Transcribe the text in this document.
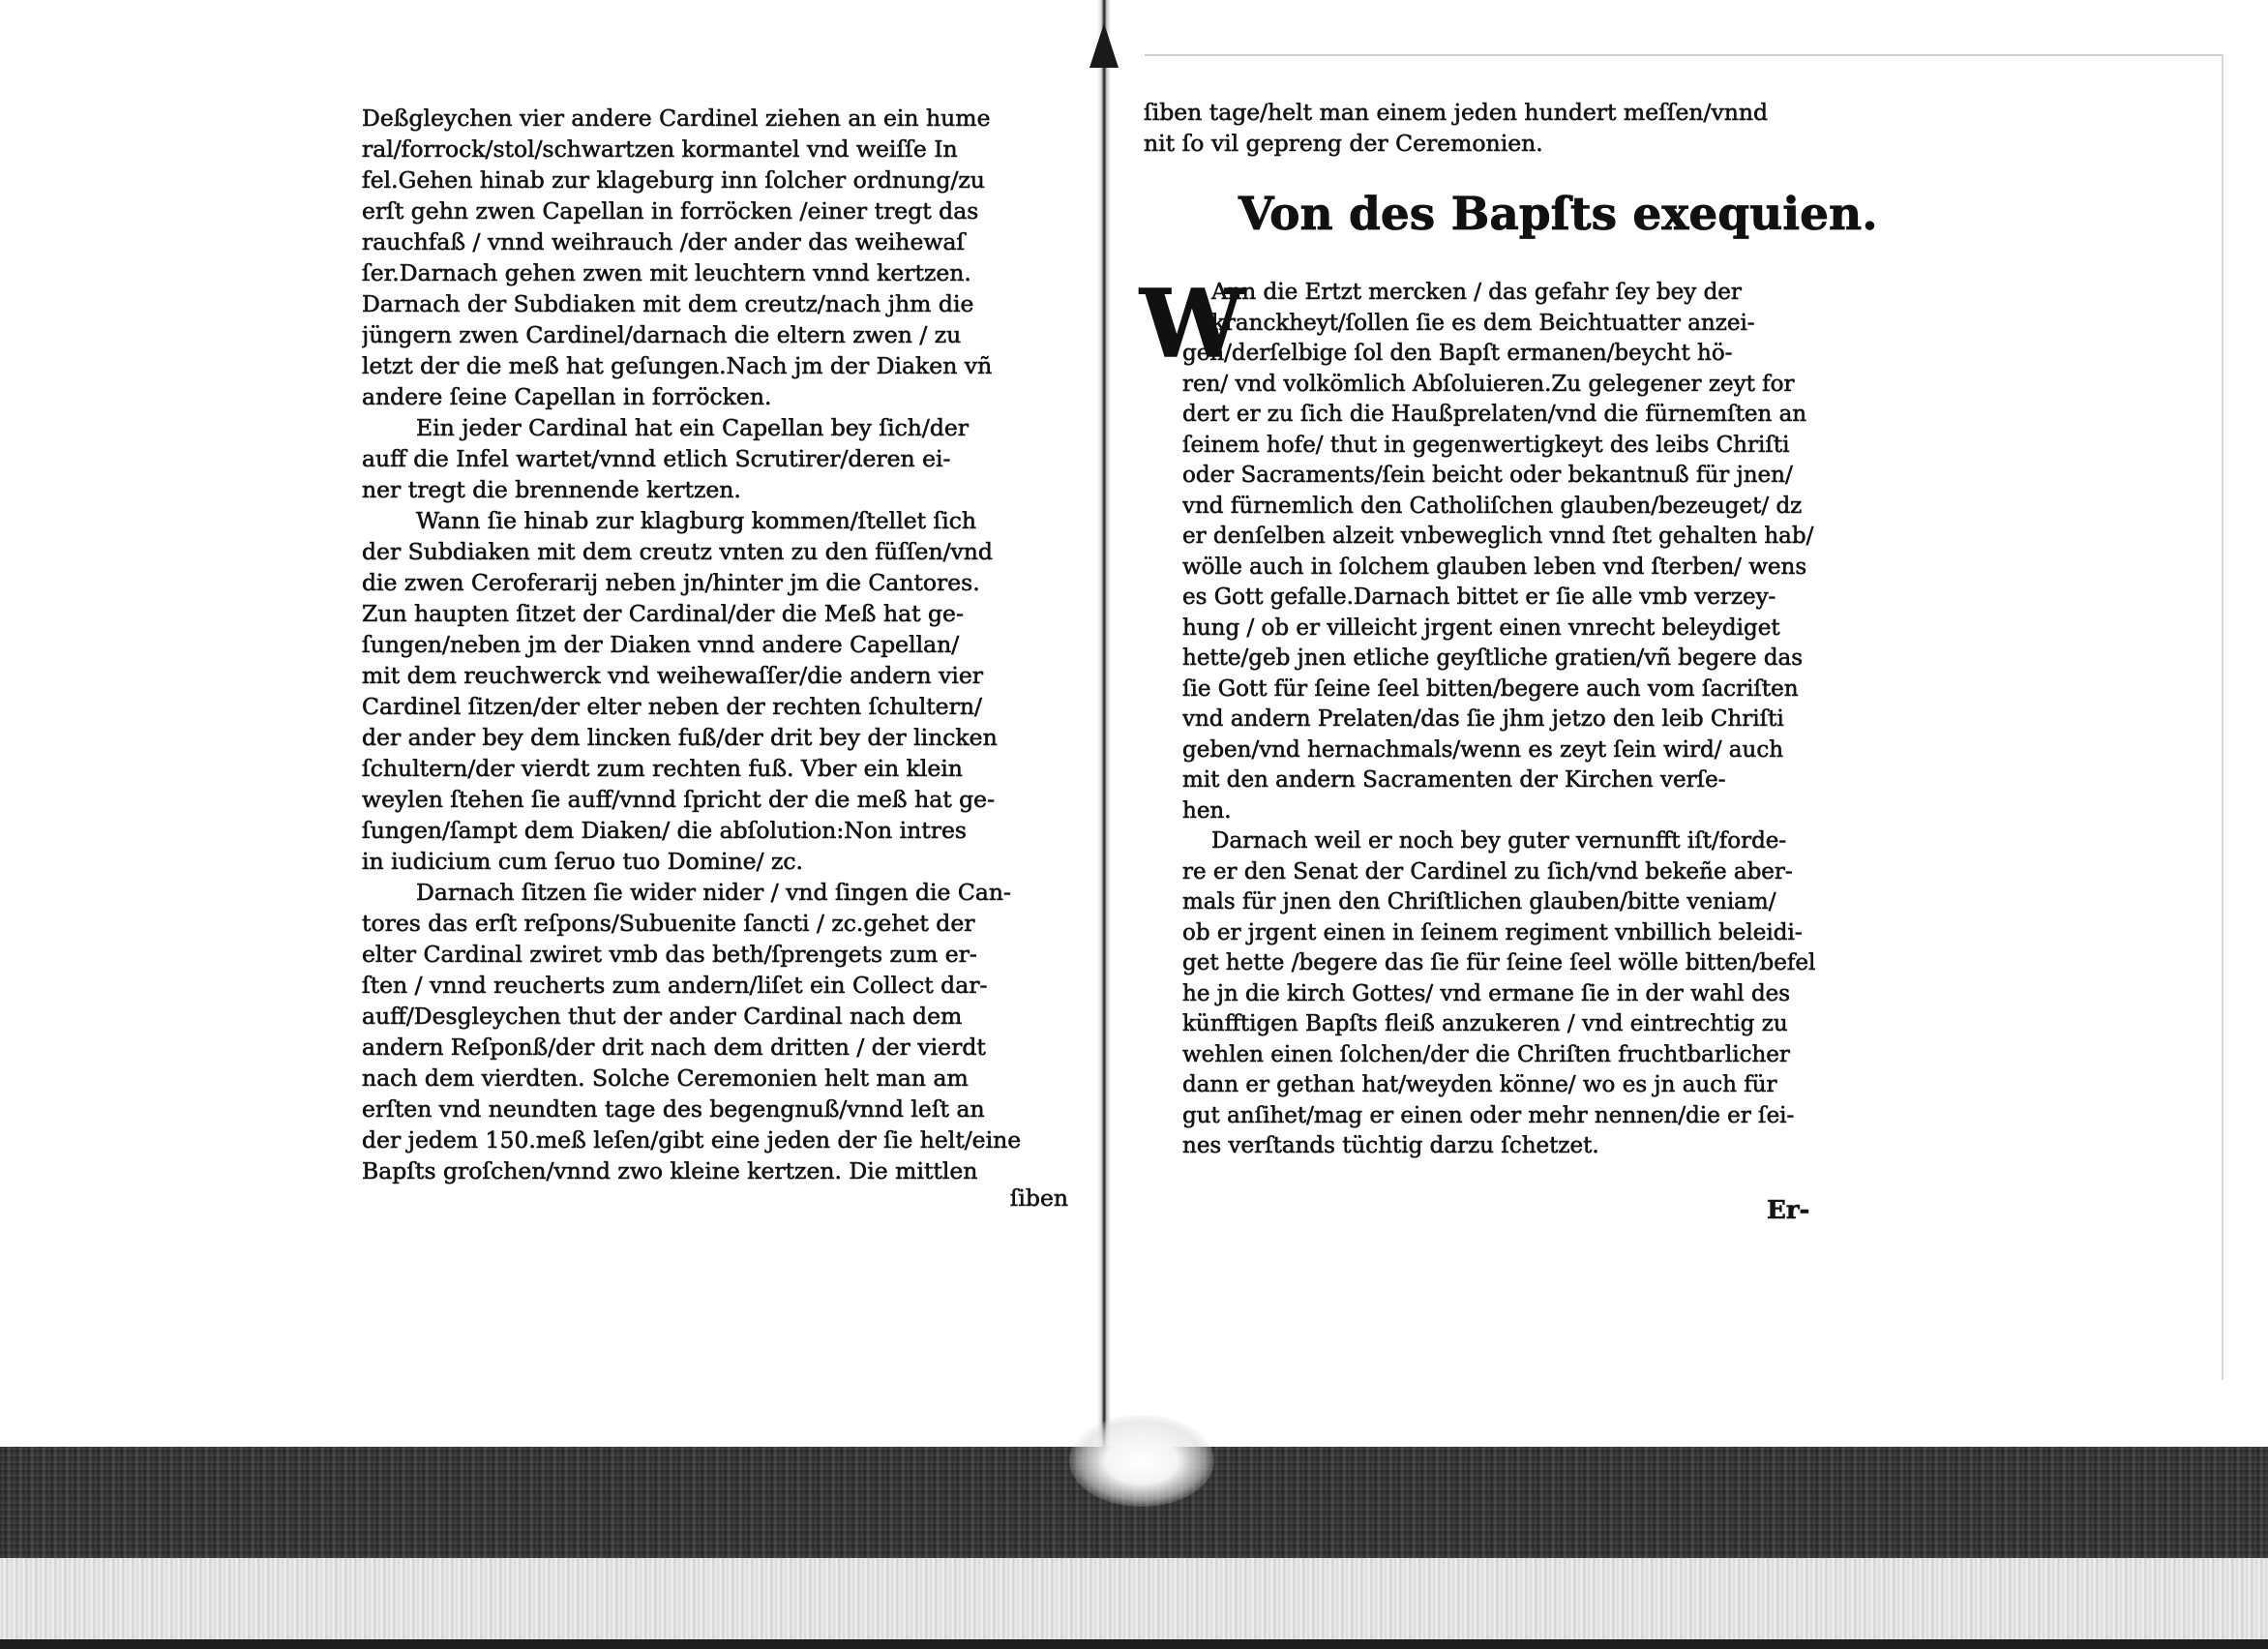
Deßgleychen vier andere Cardinel ziehen an ein hume
ral/forrock/stol/schwartzen kormantel vnd weiſſe In
fel.Gehen hinab zur klageburg inn ſolcher ordnung/zu
erſt gehn zwen Capellan in forröcken /einer tregt das
rauchfaß / vnnd weihrauch /der ander das weihewaſ
ſer.Darnach gehen zwen mit leuchtern vnnd kertzen.
Darnach der Subdiaken mit dem creutz/nach jhm die
jüngern zwen Cardinel/darnach die eltern zwen / zu
letzt der die meß hat geſungen.Nach jm der Diaken vñ
andere ſeine Capellan in forröcken.
Ein jeder Cardinal hat ein Capellan bey ſich/der
auff die Infel wartet/vnnd etlich Scrutirer/deren ei-
ner tregt die brennende kertzen.
Wann ſie hinab zur klagburg kommen/ſtellet ſich
der Subdiaken mit dem creutz vnten zu den füſſen/vnd
die zwen Ceroferarij neben jn/hinter jm die Cantores.
Zun haupten ſitzet der Cardinal/der die Meß hat ge-
ſungen/neben jm der Diaken vnnd andere Capellan/
mit dem reuchwerck vnd weihewaſſer/die andern vier
Cardinel ſitzen/der elter neben der rechten ſchultern/
der ander bey dem lincken fuß/der drit bey der lincken
ſchultern/der vierdt zum rechten fuß. Vber ein klein
weylen ſtehen ſie auff/vnnd ſpricht der die meß hat ge-
ſungen/ſampt dem Diaken/ die abſolution:Non intres
in iudicium cum ſeruo tuo Domine/ zc.
Darnach ſitzen ſie wider nider / vnd ſingen die Can-
tores das erſt reſpons/Subuenite ſancti / zc.gehet der
elter Cardinal zwiret vmb das beth/ſprengets zum er-
ſten / vnnd reucherts zum andern/liſet ein Collect dar-
auff/Desgleychen thut der ander Cardinal nach dem
andern Reſponß/der drit nach dem dritten / der vierdt
nach dem vierdten. Solche Ceremonien helt man am
erſten vnd neundten tage des begengnuß/vnnd leſt an
der jedem 150.meß leſen/gibt eine jeden der ſie helt/eine
Bapſts groſchen/vnnd zwo kleine kertzen. Die mittlen
ſiben
ſiben tage/helt man einem jeden hundert meſſen/vnnd
nit ſo vil gepreng der Ceremonien.
Von des Bapſts exequien.
W
Ann die Ertzt mercken / das gefahr ſey bey der
kranckheyt/ſollen ſie es dem Beichtuatter anzei-
gen/derſelbige ſol den Bapſt ermanen/beycht hö-
ren/ vnd volkömlich Abſoluieren.Zu gelegener zeyt for
dert er zu ſich die Haußprelaten/vnd die fürnemſten an
ſeinem hofe/ thut in gegenwertigkeyt des leibs Chriſti
oder Sacraments/ſein beicht oder bekantnuß für jnen/
vnd fürnemlich den Catholiſchen glauben/bezeuget/ dz
er denſelben alzeit vnbeweglich vnnd ſtet gehalten hab/
wölle auch in ſolchem glauben leben vnd ſterben/ wens
es Gott gefalle.Darnach bittet er ſie alle vmb verzey-
hung / ob er villeicht jrgent einen vnrecht beleydiget
hette/geb jnen etliche geyſtliche gratien/vñ begere das
ſie Gott für ſeine ſeel bitten/begere auch vom ſacriſten
vnd andern Prelaten/das ſie jhm jetzo den leib Chriſti
geben/vnd hernachmals/wenn es zeyt ſein wird/ auch
mit den andern Sacramenten der Kirchen verſe-
hen.
Darnach weil er noch bey guter vernunfft iſt/forde-
re er den Senat der Cardinel zu ſich/vnd bekeñe aber-
mals für jnen den Chriſtlichen glauben/bitte veniam/
ob er jrgent einen in ſeinem regiment vnbillich beleidi-
get hette /begere das ſie für ſeine ſeel wölle bitten/befel
he jn die kirch Gottes/ vnd ermane ſie in der wahl des
künfftigen Bapſts fleiß anzukeren / vnd eintrechtig zu
wehlen einen ſolchen/der die Chriſten fruchtbarlicher
dann er gethan hat/weyden könne/ wo es jn auch für
gut anſihet/mag er einen oder mehr nennen/die er ſei-
nes verſtands tüchtig darzu ſchetzet.
Er-
